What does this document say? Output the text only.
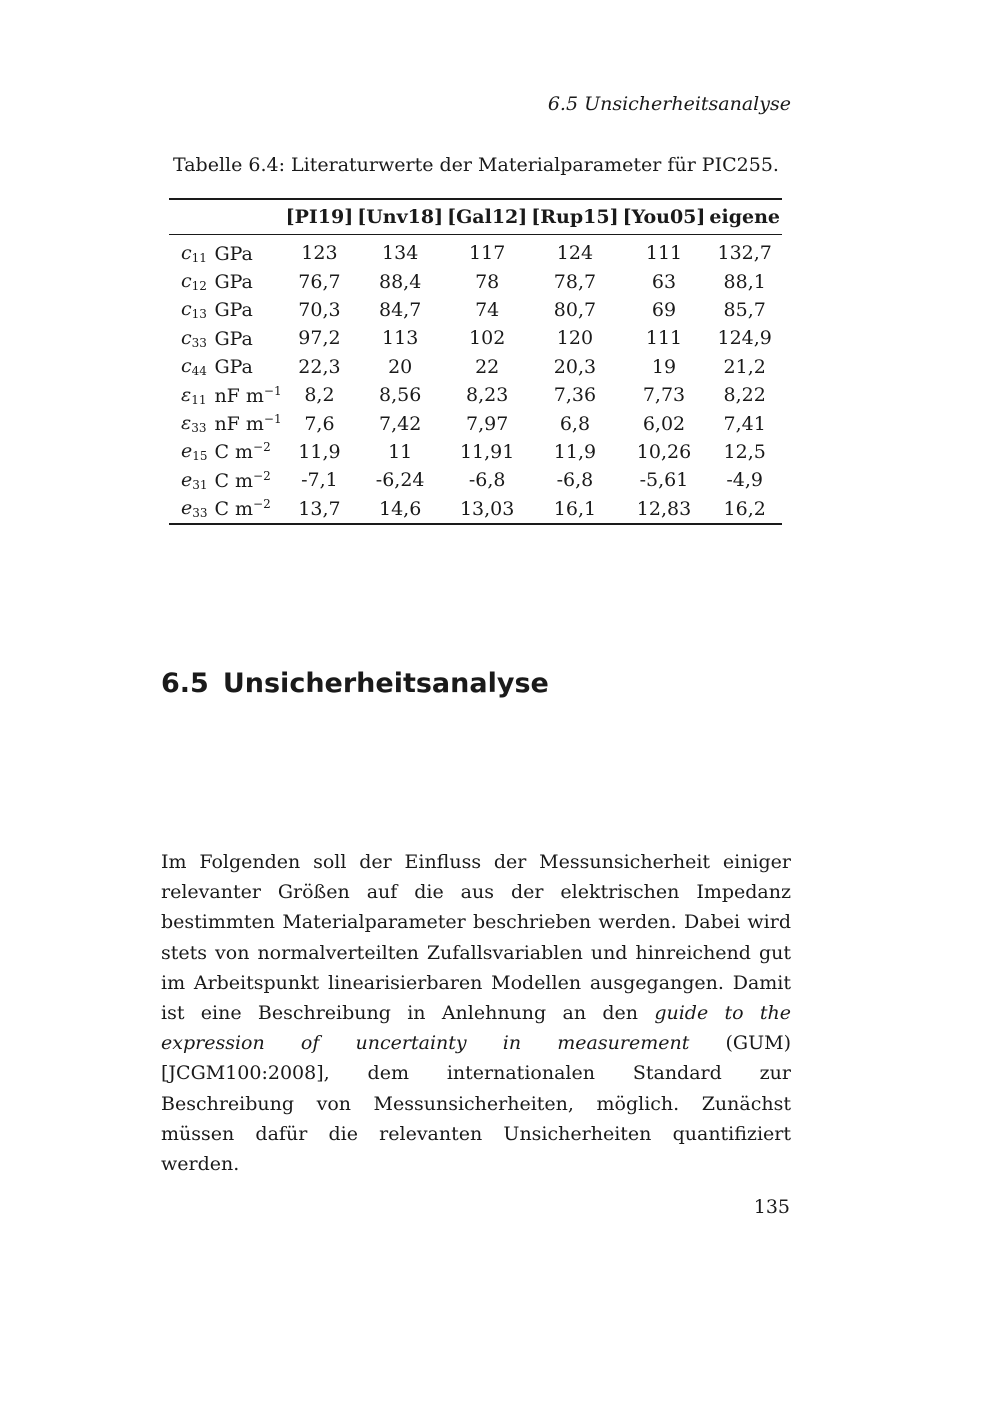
6.5 Unsicherheitsanalyse
Tabelle 6.4: Literaturwerte der Materialparameter für PIC255.
		[PI19]	[Unv18]	[Gal12]	[Rup15]	[You05]	eigene
$c_{11}$	GPa	123	134	117	124	111	132,7
$c_{12}$	GPa	76,7	88,4	78	78,7	63	88,1
$c_{13}$	GPa	70,3	84,7	74	80,7	69	85,7
$c_{33}$	GPa	97,2	113	102	120	111	124,9
$c_{44}$	GPa	22,3	20	22	20,3	19	21,2
$\varepsilon_{11}$	nF $m^{-1}$	8,2	8,56	8,23	7,36	7,73	8,22
$\varepsilon_{33}$	nF $m^{-1}$	7,6	7,42	7,97	6,8	6,02	7,41
$e_{15}$	C $m^{-2}$	11,9	11	11,91	11,9	10,26	12,5
$e_{31}$	C $m^{-2}$	-7,1	-6,24	-6,8	-6,8	-5,61	-4,9
$e_{33}$	C $m^{-2}$	13,7	14,6	13,03	16,1	12,83	16,2
6.5 Unsicherheitsanalyse
Im Folgenden soll der Einfluss der Messunsicherheit einiger relevanter Größen auf die aus der elektrischen Impedanz bestimmten Materialparameter beschrieben werden. Dabei wird stets von normalverteilten Zufallsvariablen und hinreichend gut im Arbeitspunkt linearisierbaren Modellen ausgegangen. Damit ist eine Beschreibung in Anlehnung an den guide to the expression of uncertainty in measurement (GUM) [JCGM100:2008], dem internationalen Standard zur Beschreibung von Messunsicherheiten, möglich. Zunächst müssen dafür die relevanten Unsicherheiten quantifiziert werden.
135
